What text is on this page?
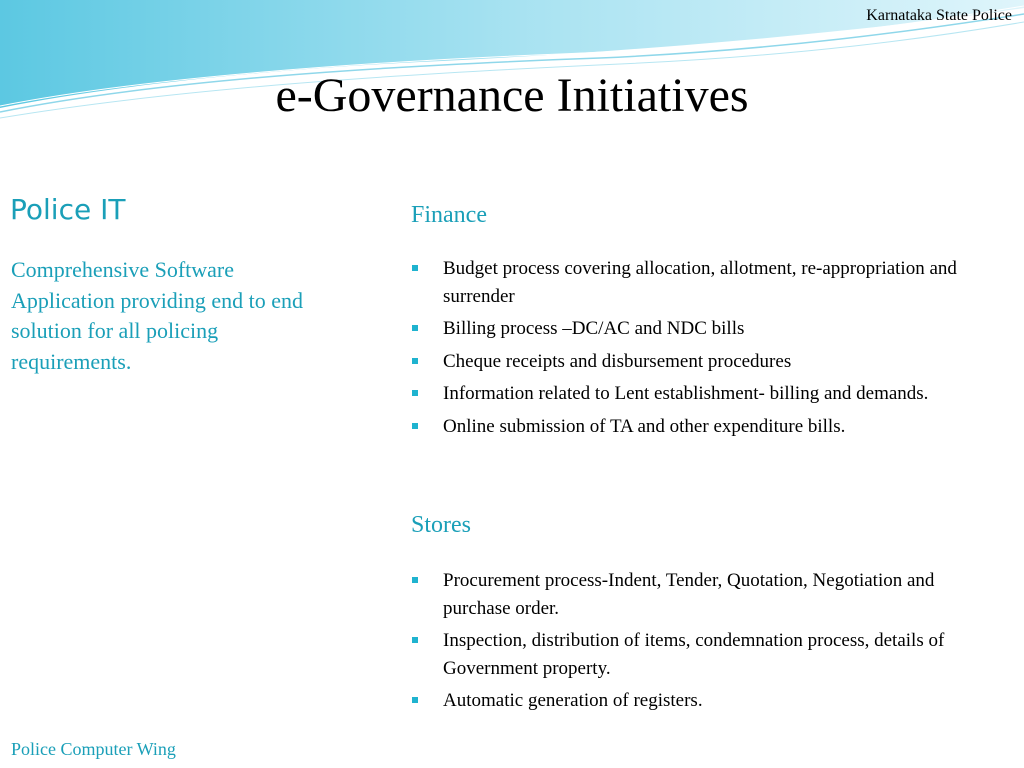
Karnataka State Police
e-Governance Initiatives
Police IT
Comprehensive Software Application providing end to end solution for all policing requirements.
Finance
Budget process covering allocation, allotment, re-appropriation and surrender
Billing process –DC/AC and NDC bills
Cheque receipts and disbursement procedures
Information related to Lent establishment- billing and demands.
Online submission of TA and other expenditure bills.
Stores
Procurement process-Indent, Tender, Quotation, Negotiation and purchase order.
Inspection, distribution of items, condemnation process, details of Government property.
Automatic generation of registers.
Police Computer Wing
